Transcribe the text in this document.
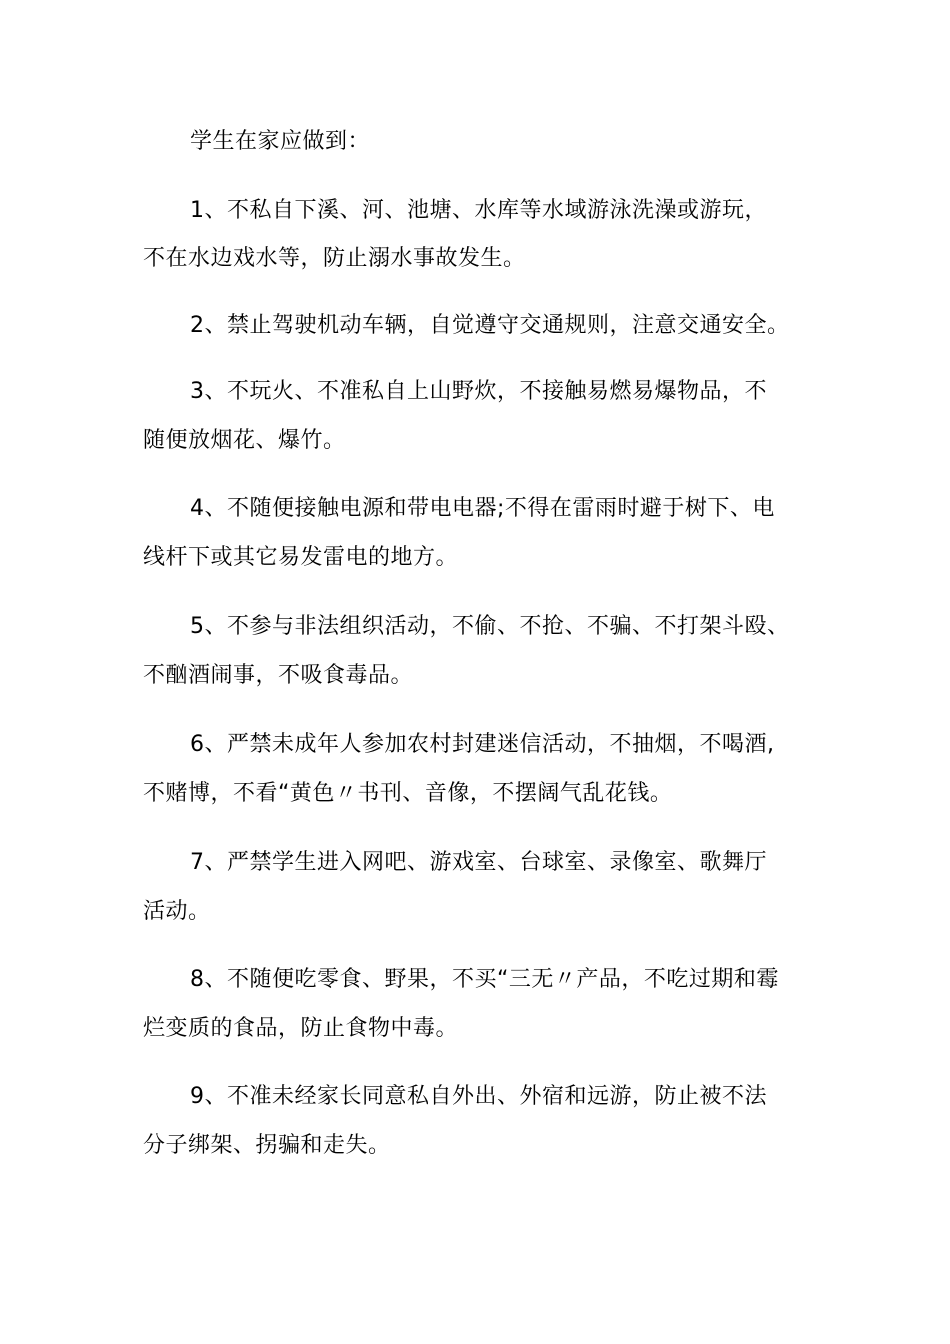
学生在家应做到：

1、不私自下溪、河、池塘、水库等水域游泳洗澡或游玩，

不在水边戏水等，防止溺水事故发生。

2、禁止驾驶机动车辆，自觉遵守交通规则，注意交通安全。

3、不玩火、不准私自上山野炊，不接触易燃易爆物品，不

随便放烟花、爆竹。

4、不随便接触电源和带电电器;不得在雷雨时避于树下、电

线杆下或其它易发雷电的地方。

5、不参与非法组织活动，不偷、不抢、不骗、不打架斗殴、

不酗酒闹事，不吸食毒品。

6、严禁未成年人参加农村封建迷信活动，不抽烟，不喝酒,

不赌博，不看“黄色〃书刊、音像，不摆阔气乱花钱。

7、严禁学生进入网吧、游戏室、台球室、录像室、歌舞厅

活动。

8、不随便吃零食、野果，不买“三无〃产品，不吃过期和霉

烂变质的食品，防止食物中毒。

9、不准未经家长同意私自外出、外宿和远游，防止被不法

分子绑架、拐骗和走失。
